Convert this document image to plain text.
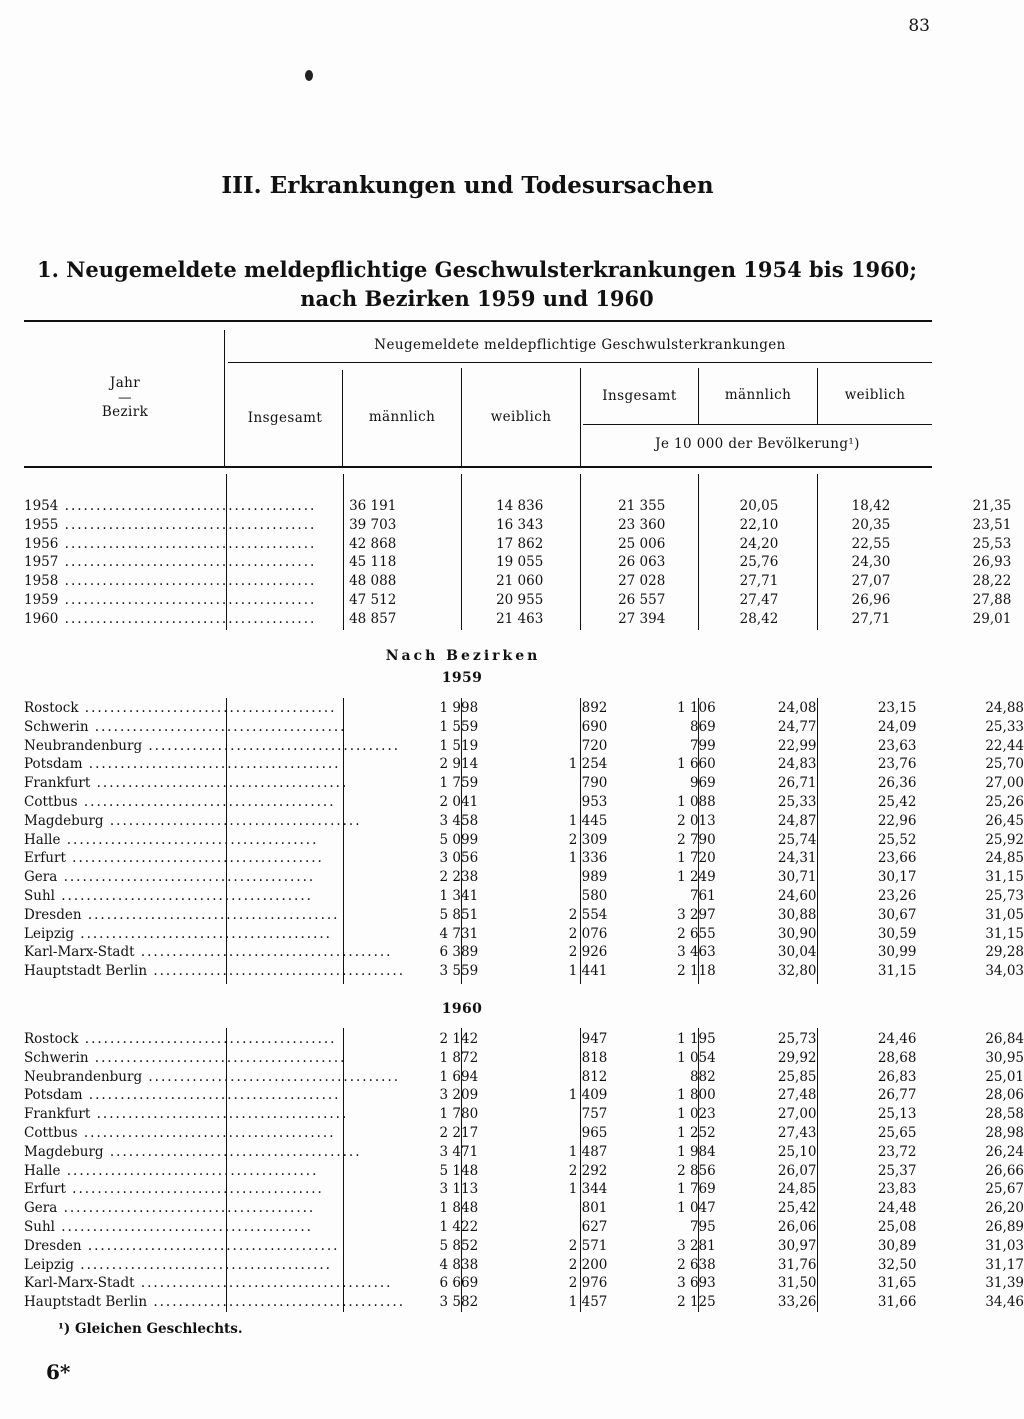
83
III. Erkrankungen und Todesursachen
1. Neugemeldete meldepflichtige Geschwulsterkrankungen 1954 bis 1960;
nach Bezirken 1959 und 1960
Jahr
—
Bezirk
Neugemeldete meldepflichtige Geschwulsterkrankungen
Insgesamt	männlich	weiblich
Insgesamt	männlich	weiblich
Je 10 000 der Bevölkerung¹)
1954 ........................................	36 191	14 836	21 355	20,05	18,42	21,35
1955 ........................................	39 703	16 343	23 360	22,10	20,35	23,51
1956 ........................................	42 868	17 862	25 006	24,20	22,55	25,53
1957 ........................................	45 118	19 055	26 063	25,76	24,30	26,93
1958 ........................................	48 088	21 060	27 028	27,71	27,07	28,22
1959 ........................................	47 512	20 955	26 557	27,47	26,96	27,88
1960 ........................................	48 857	21 463	27 394	28,42	27,71	29,01
Nach Bezirken
1959
Rostock ........................................	1 998	892	1 106	24,08	23,15	24,88
Schwerin ........................................	1 559	690	869	24,77	24,09	25,33
Neubrandenburg ........................................	1 519	720	799	22,99	23,63	22,44
Potsdam ........................................	2 914	1 254	1 660	24,83	23,76	25,70
Frankfurt ........................................	1 759	790	969	26,71	26,36	27,00
Cottbus ........................................	2 041	953	1 088	25,33	25,42	25,26
Magdeburg ........................................	3 458	1 445	2 013	24,87	22,96	26,45
Halle ........................................	5 099	2 309	2 790	25,74	25,52	25,92
Erfurt ........................................	3 056	1 336	1 720	24,31	23,66	24,85
Gera ........................................	2 238	989	1 249	30,71	30,17	31,15
Suhl ........................................	1 341	580	761	24,60	23,26	25,73
Dresden ........................................	5 851	2 554	3 297	30,88	30,67	31,05
Leipzig ........................................	4 731	2 076	2 655	30,90	30,59	31,15
Karl-Marx-Stadt ........................................	6 389	2 926	3 463	30,04	30,99	29,28
Hauptstadt Berlin ........................................	3 559	1 441	2 118	32,80	31,15	34,03
1960
Rostock ........................................	2 142	947	1 195	25,73	24,46	26,84
Schwerin ........................................	1 872	818	1 054	29,92	28,68	30,95
Neubrandenburg ........................................	1 694	812	882	25,85	26,83	25,01
Potsdam ........................................	3 209	1 409	1 800	27,48	26,77	28,06
Frankfurt ........................................	1 780	757	1 023	27,00	25,13	28,58
Cottbus ........................................	2 217	965	1 252	27,43	25,65	28,98
Magdeburg ........................................	3 471	1 487	1 984	25,10	23,72	26,24
Halle ........................................	5 148	2 292	2 856	26,07	25,37	26,66
Erfurt ........................................	3 113	1 344	1 769	24,85	23,83	25,67
Gera ........................................	1 848	801	1 047	25,42	24,48	26,20
Suhl ........................................	1 422	627	795	26,06	25,08	26,89
Dresden ........................................	5 852	2 571	3 281	30,97	30,89	31,03
Leipzig ........................................	4 838	2 200	2 638	31,76	32,50	31,17
Karl-Marx-Stadt ........................................	6 669	2 976	3 693	31,50	31,65	31,39
Hauptstadt Berlin ........................................	3 582	1 457	2 125	33,26	31,66	34,46
¹) Gleichen Geschlechts.
6*
